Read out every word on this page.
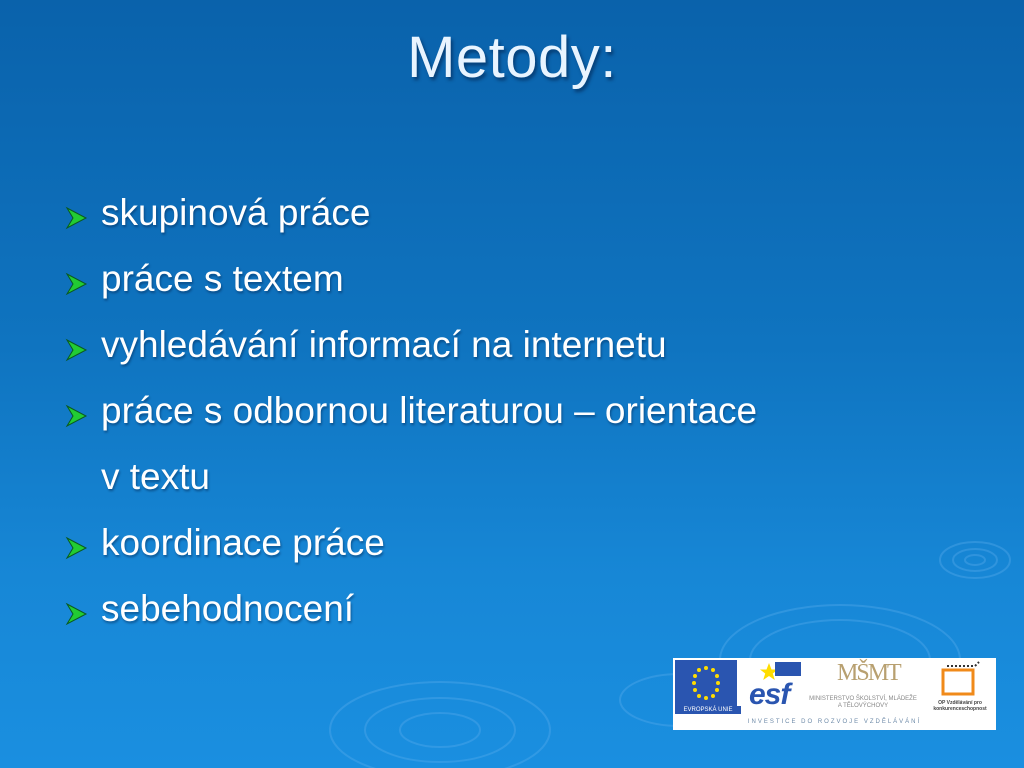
Metody:
skupinová práce
práce s textem
vyhledávání informací na internetu
práce s odbornou literaturou – orientace
v textu
koordinace práce
sebehodnocení
EVROPSKÁ UNIE esf
MŠMT
MINISTERSTVO ŠKOLSTVÍ, MLÁDEŽE A TĚLOVÝCHOVY	OP Vzdělávání pro konkurenceschopnost
INVESTICE DO ROZVOJE VZDĚLÁVÁNÍ
